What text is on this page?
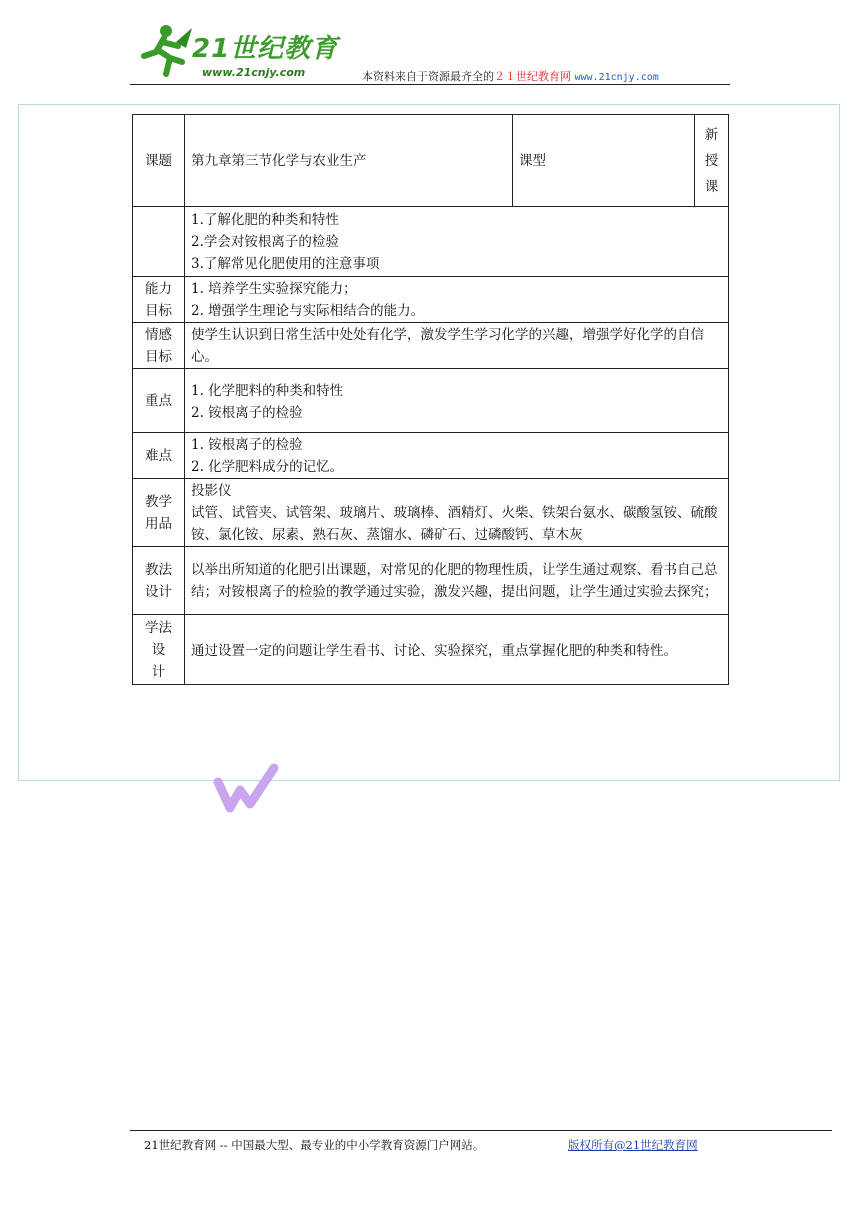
21世纪教育
www.21cnjy.com	本资料来自于资源最齐全的２１世纪教育网 www.21cnjy.com
课题	第九章第三节化学与农业生产	课型	新
授
课

	1.了解化肥的种类和特性
2.学会对铵根离子的检验
3.了解常见化肥使用的注意事项		

能力
目标	1. 培养学生实验探究能力；
2. 增强学生理论与实际相结合的能力。		

情感
目标	使学生认识到日常生活中处处有化学，激发学生学习化学的兴趣，增强学好化学的自信心。		
重点	1. 化学肥料的种类和特性
2. 铵根离子的检验		

难点	1. 铵根离子的检验
2. 化学肥料成分的记忆。		

教学
用品	投影仪
试管、试管夹、试管架、玻璃片、玻璃棒、酒精灯、火柴、铁架台氨水、碳酸氢铵、硫酸铵、氯化铵、尿素、熟石灰、蒸馏水、磷矿石、过磷酸钙、草木灰		

教法
设计	以举出所知道的化肥引出课题，对常见的化肥的物理性质，让学生通过观察、看书自己总结；对铵根离子的检验的教学通过实验，激发兴趣，提出问题，让学生通过实验去探究；		

学法
设
计	通过设置一定的问题让学生看书、讨论、实验探究，重点掌握化肥的种类和特性。		
21世纪教育网 -- 中国最大型、最专业的中小学教育资源门户网站。	版权所有@21世纪教育网
